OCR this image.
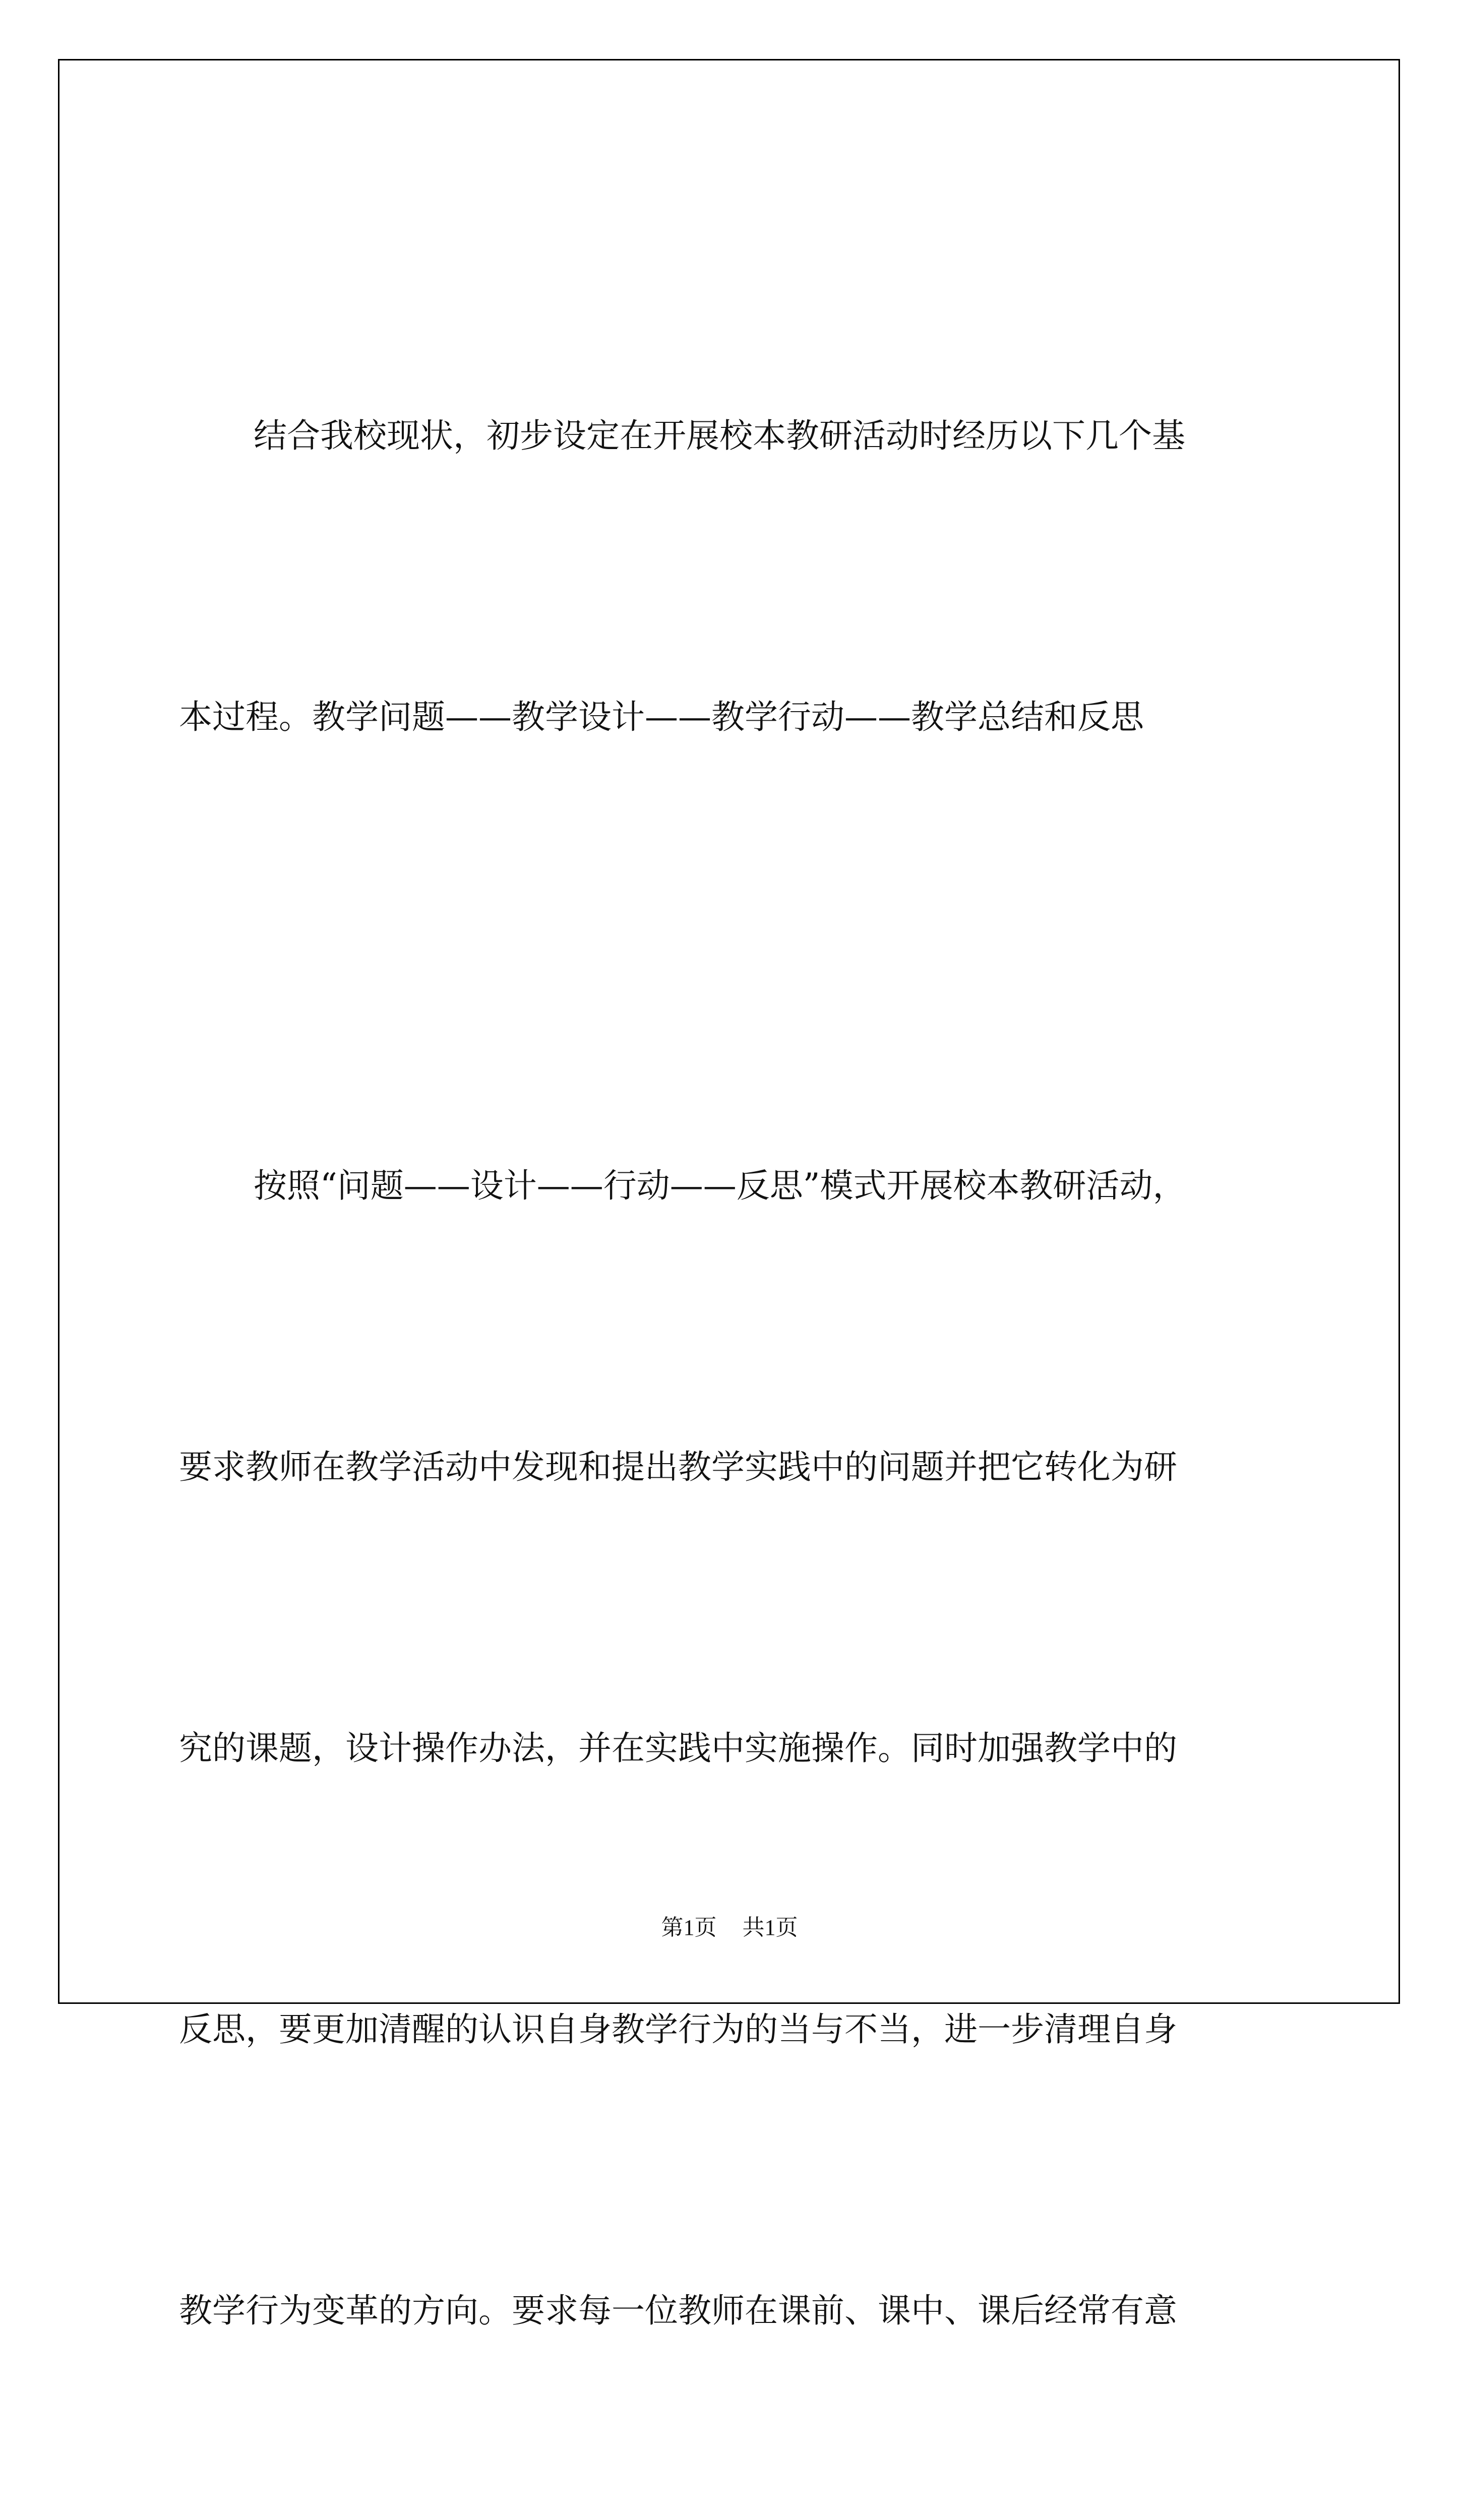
结合我校现状，初步设定在开展校本教研活动时经历以下几个基

本过程。教学问题——教学设计——教学行动——教学总结和反思

按照“问题——设计——行动——反思”模式开展校本教研活动，

要求教师在教学活动中发现和提出教学实践中的问题并把它转化为研

究的课题，设计操作办法，并在实践中实施操作。同时加强教学中的

反思，要更加清醒的认识自身教学行为的当与不当，进一步清理自身

教学行为变革的方向。要求每一位教师在课前、课中、课后经常有意

第1页 共1页
